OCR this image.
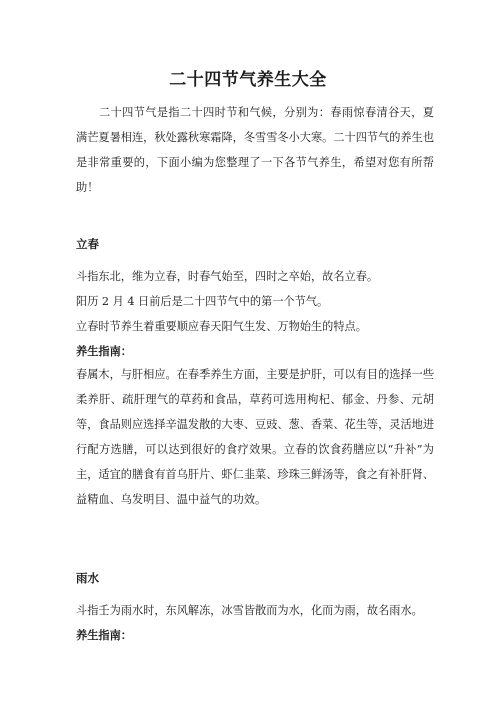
二十四节气养生大全
二十四节气是指二十四时节和气候，分别为：春雨惊春清谷天，夏满芒夏暑相连，秋处露秋寒霜降，冬雪雪冬小大寒。二十四节气的养生也是非常重要的，下面小编为您整理了一下各节气养生，希望对您有所帮助！
立春
斗指东北，维为立春，时春气始至，四时之卒始，故名立春。
阳历 2 月 4 日前后是二十四节气中的第一个节气。
立春时节养生着重要顺应春天阳气生发、万物始生的特点。
养生指南：
春属木，与肝相应。在春季养生方面，主要是护肝，可以有目的选择一些柔养肝、疏肝理气的草药和食品，草药可选用枸杞、郁金、丹参、元胡等，食品则应选择辛温发散的大枣、豆豉、葱、香菜、花生等，灵活地进行配方选膳，可以达到很好的食疗效果。立春的饮食药膳应以“升补”为主，适宜的膳食有首乌肝片、虾仁韭菜、珍珠三鲜汤等，食之有补肝肾、益精血、乌发明目、温中益气的功效。
雨水
斗指壬为雨水时，东风解冻，冰雪皆散而为水，化而为雨，故名雨水。
养生指南：
